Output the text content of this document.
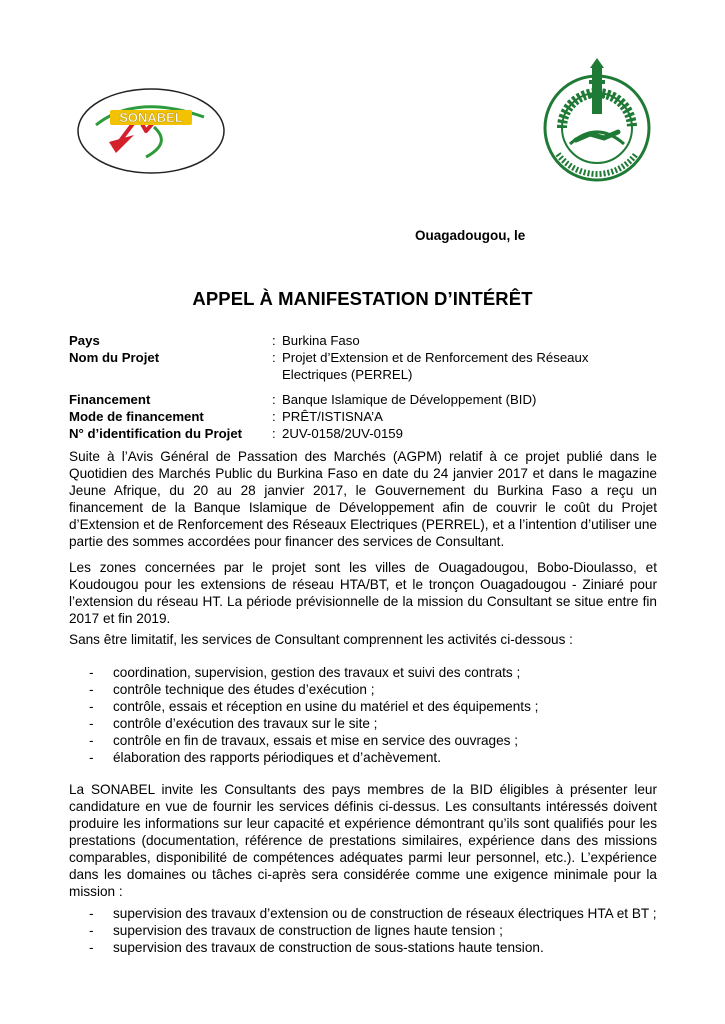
SONABEL
Ouagadougou, le
APPEL À MANIFESTATION D’INTÉRÊT
Pays	: Burkina Faso
Nom du Projet	: Projet d’Extension et de Renforcement des Réseaux
Electriques (PERREL)
Financement	: Banque Islamique de Développement (BID)
Mode de financement	: PRÊT/ISTISNA’A
N° d’identification du Projet	: 2UV-0158/2UV-0159
Suite à l’Avis Général de Passation des Marchés (AGPM) relatif à ce projet publié dans le Quotidien des Marchés Public du Burkina Faso en date du 24 janvier 2017 et dans le magazine Jeune Afrique, du 20 au 28 janvier 2017, le Gouvernement du Burkina Faso a reçu un financement de la Banque Islamique de Développement afin de couvrir le coût du Projet d’Extension et de Renforcement des Réseaux Electriques (PERREL), et a l’intention d’utiliser une partie des sommes accordées pour financer des services de Consultant.
Les zones concernées par le projet sont les villes de Ouagadougou, Bobo-Dioulasso, et Koudougou pour les extensions de réseau HTA/BT, et le tronçon Ouagadougou - Ziniaré pour l’extension du réseau HT. La période prévisionnelle de la mission du Consultant se situe entre fin 2017 et fin 2019.
Sans être limitatif, les services de Consultant comprennent les activités ci-dessous :
- coordination, supervision, gestion des travaux et suivi des contrats ;
- contrôle technique des études d’exécution ;
- contrôle, essais et réception en usine du matériel et des équipements ;
- contrôle d’exécution des travaux sur le site ;
- contrôle en fin de travaux, essais et mise en service des ouvrages ;
- élaboration des rapports périodiques et d’achèvement.
La SONABEL invite les Consultants des pays membres de la BID éligibles à présenter leur candidature en vue de fournir les services définis ci-dessus. Les consultants intéressés doivent produire les informations sur leur capacité et expérience démontrant qu’ils sont qualifiés pour les prestations (documentation, référence de prestations similaires, expérience dans des missions comparables, disponibilité de compétences adéquates parmi leur personnel, etc.). L’expérience dans les domaines ou tâches ci-après sera considérée comme une exigence minimale pour la mission :
- supervision des travaux d’extension ou de construction de réseaux électriques HTA et BT ;
- supervision des travaux de construction de lignes haute tension ;
- supervision des travaux de construction de sous-stations haute tension.
